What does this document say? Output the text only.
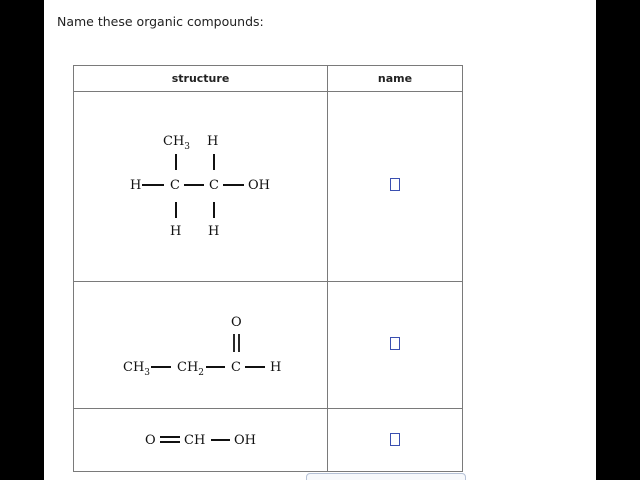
Name these organic compounds:
structure	name
$CH_3$ H
H C C OH
H H
O
$CH_3$ $CH_2$ C H
O CH OH
